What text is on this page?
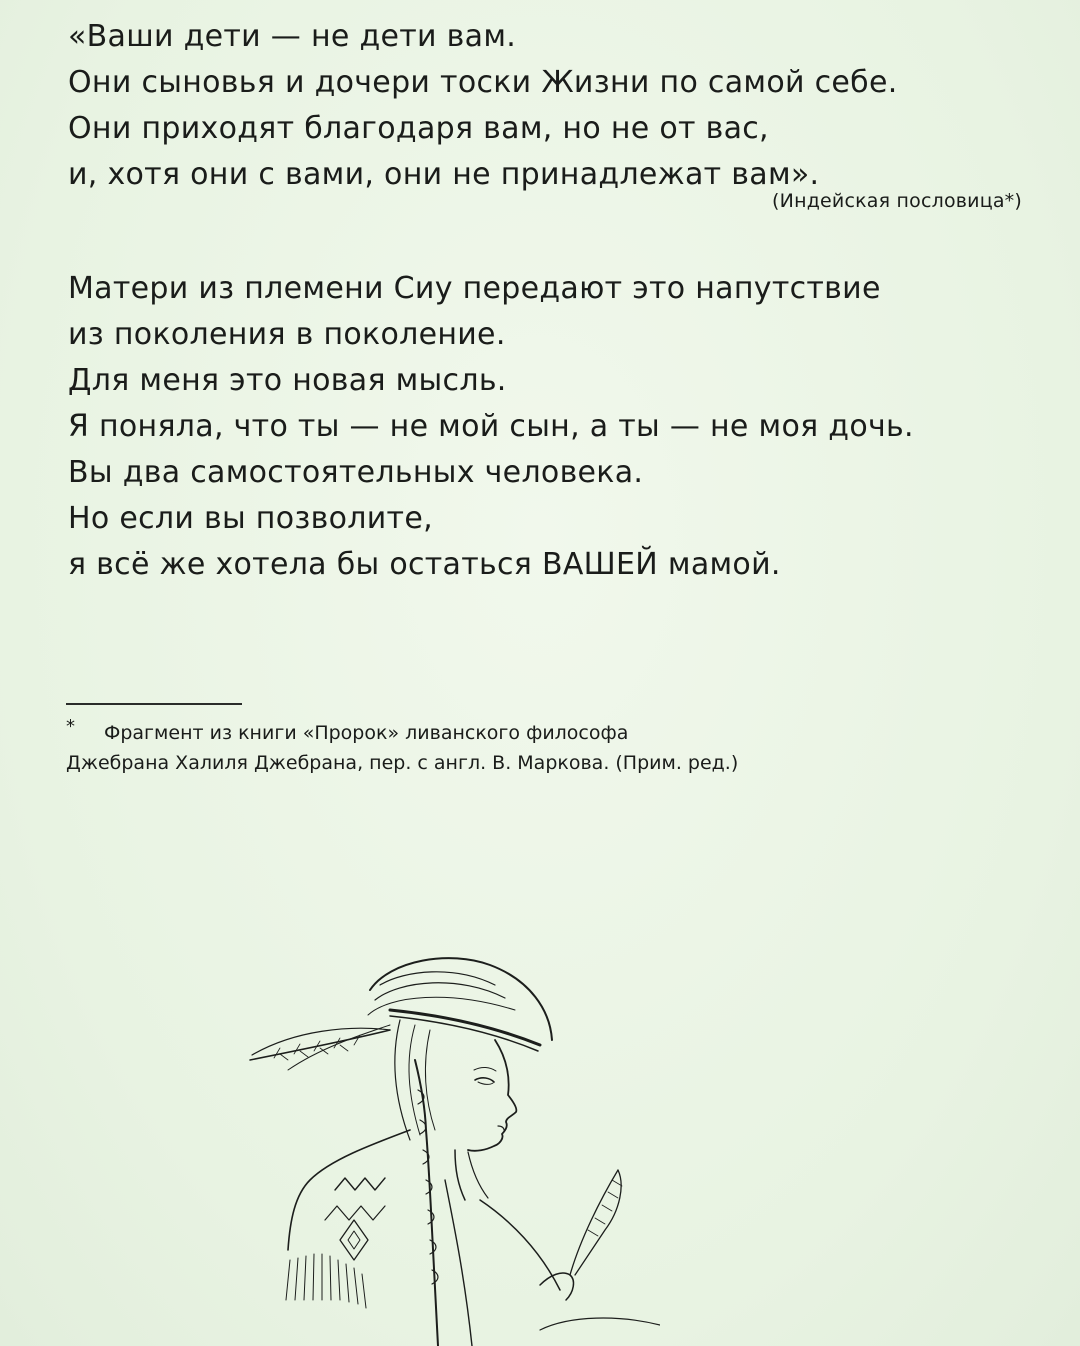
«Ваши дети — не дети вам.
Они сыновья и дочери тоски Жизни по самой себе.
Они приходят благодаря вам, но не от вас,
и, хотя они с вами, они не принадлежат вам».
(Индейская пословица*)
Матери из племени Сиу передают это напутствие
из поколения в поколение.
Для меня это новая мысль.
Я поняла, что ты — не мой сын, а ты — не моя дочь.
Вы два самостоятельных человека.
Но если вы позволите,
я всё же хотела бы остаться ВАШЕЙ мамой.
* Фрагмент из книги «Пророк» ливанского философа
Джебрана Халиля Джебрана, пер. с англ. В. Маркова. (Прим. ред.)
